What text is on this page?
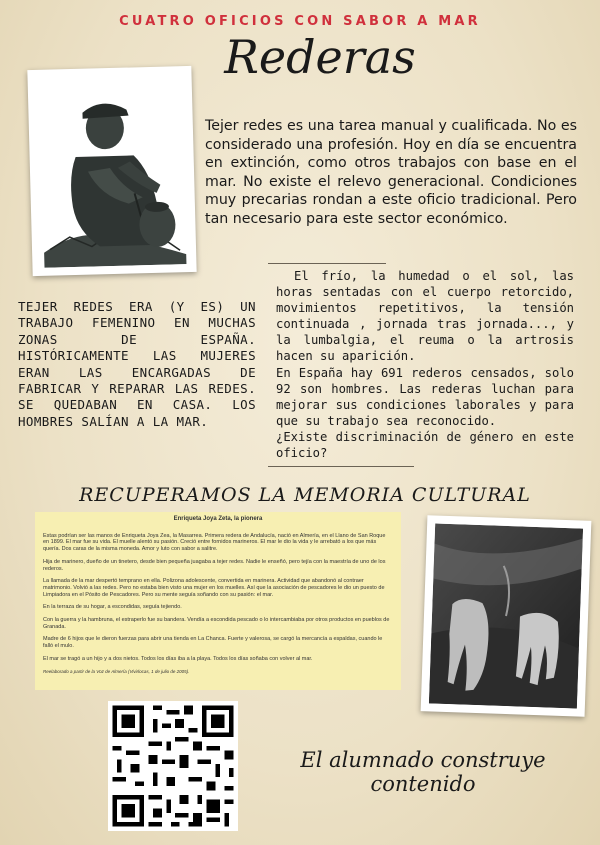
CUATRO OFICIOS CON SABOR A MAR
Rederas
Tejer redes es una tarea manual y cualificada. No es considerado una profesión. Hoy en día se encuentra en extinción, como otros trabajos con base en el mar. No existe el relevo generacional. Condiciones muy precarias rondan a este oficio tradicional. Pero tan necesario para este sector económico.
TEJER REDES ERA (Y ES) UN TRABAJO FEMENINO EN MUCHAS ZONAS DE ESPAÑA. HISTÓRICAMENTE LAS MUJERES ERAN LAS ENCARGADAS DE FABRICAR Y REPARAR LAS REDES. SE QUEDABAN EN CASA. LOS HOMBRES SALÍAN A LA MAR.

El frío, la humedad o el sol, las horas sentadas con el cuerpo retorcido, movimientos repetitivos, la tensión continuada , jornada tras jornada..., y la lumbalgia, el reuma o la artrosis hacen su aparición.

En España hay 691 rederos censados, solo 92 son hombres. Las rederas luchan para mejorar sus condiciones laborales y para que su trabajo sea reconocido.

¿Existe discriminación de género en este oficio?

RECUPERAMOS LA MEMORIA CULTURAL
Enriqueta Joya Zeta, la pionera

Estas podrían ser las manos de Enriqueta Joya Zea, la Masarrea. Primera redera de Andalucía, nació en Almería, en el Llano de San Roque en 1899. El mar fue su vida. El muelle alentó su pasión. Creció entre fornidos marineros. El mar le dio la vida y le arrebató a los que más quería. Dos caras de la misma moneda. Amor y luto con sabor a salitre.

Hija de marinero, dueño de un tinetero, desde bien pequeña juagaba a tejer redes. Nadie le enseñó, pero tejía con la maestría de uno de los rederos.

La llamada de la mar despertó temprano en ella. Polizona adolescente, convertida en marinera. Actividad que abandonó al contraer matrimonio. Volvió a las redes. Pero no estaba bien visto una mujer en los muelles. Así que la asociación de pescadores le dio un puesto de Limpiadora en el Pósito de Pescadores. Pero su mente seguía soñando con su pasión: el mar.

En la terraza de su hogar, a escondidas, seguía tejiendo.

Con la guerra y la hambruna, el estraperlo fue su bandera. Vendía a escondida pescado o lo intercambiaba por otros productos en pueblos de Granada.

Madre de 6 hijos que le dieron fuerzas para abrir una tienda en La Chanca. Fuerte y valerosa, se cargó la mercancía a espaldas, cuando le falló el mulo.

El mar se tragó a un hijo y a dos nietos. Todos los días iba a la playa. Todos los días soñaba con volver al mar.

Reelaborado a partir de la Voz de Almería (Vivirlocas, 1 de julio de 2005).

El alumnado construye contenido
